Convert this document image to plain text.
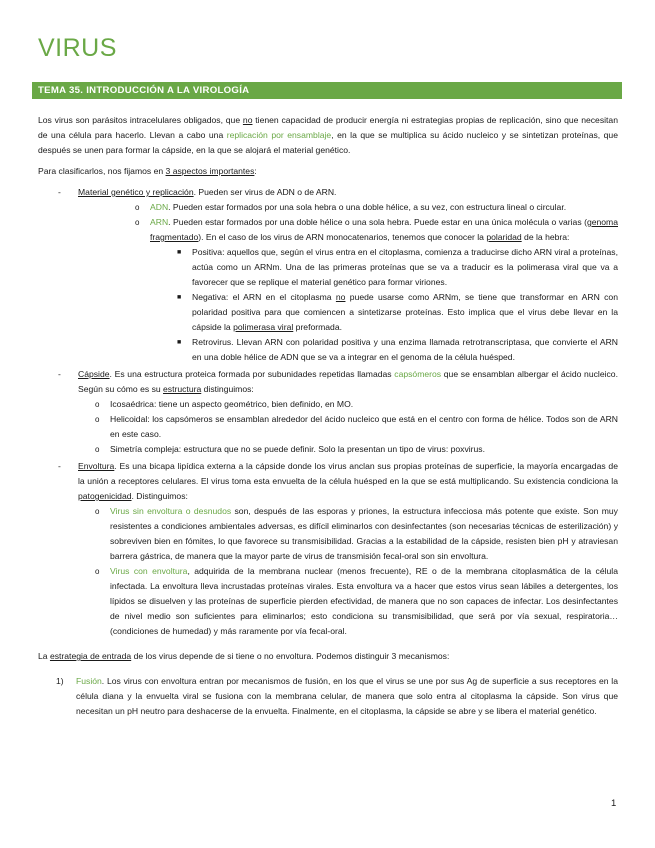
VIRUS
TEMA 35. INTRODUCCIÓN A LA VIROLOGÍA

Los virus son parásitos intracelulares obligados, que no tienen capacidad de producir energía ni estrategias propias de replicación, sino que necesitan de una célula para hacerlo. Llevan a cabo una replicación por ensamblaje, en la que se multiplica su ácido nucleico y se sintetizan proteínas, que después se unen para formar la cápside, en la que se alojará el material genético.

Para clasificarlos, nos fijamos en 3 aspectos importantes:

- Material genético y replicación. Pueden ser virus de ADN o de ARN.
o ADN. Pueden estar formados por una sola hebra o una doble hélice, a su vez, con estructura lineal o circular.
o ARN. Pueden estar formados por una doble hélice o una sola hebra. Puede estar en una única molécula o varias (genoma fragmentado). En el caso de los virus de ARN monocatenarios, tenemos que conocer la polaridad de la hebra:
■ Positiva: aquellos que, según el virus entra en el citoplasma, comienza a traducirse dicho ARN viral a proteínas, actúa como un ARNm. Una de las primeras proteínas que se va a traducir es la polimerasa viral que va a favorecer que se replique el material genético para formar viriones.
■ Negativa: el ARN en el citoplasma no puede usarse como ARNm, se tiene que transformar en ARN con polaridad positiva para que comiencen a sintetizarse proteínas. Esto implica que el virus debe llevar en la cápside la polimerasa viral preformada.
■ Retrovirus. Llevan ARN con polaridad positiva y una enzima llamada retrotranscriptasa, que convierte el ARN en una doble hélice de ADN que se va a integrar en el genoma de la célula huésped.
- Cápside. Es una estructura proteica formada por subunidades repetidas llamadas capsómeros que se ensamblan albergar el ácido nucleico. Según su cómo es su estructura distinguimos:
o Icosaédrica: tiene un aspecto geométrico, bien definido, en MO.
o Helicoidal: los capsómeros se ensamblan alrededor del ácido nucleico que está en el centro con forma de hélice. Todos son de ARN en este caso.
o Simetría compleja: estructura que no se puede definir. Solo la presentan un tipo de virus: poxvirus.
- Envoltura. Es una bicapa lipídica externa a la cápside donde los virus anclan sus propias proteínas de superficie, la mayoría encargadas de la unión a receptores celulares. El virus toma esta envuelta de la célula huésped en la que se está multiplicando. Su existencia condiciona la patogenicidad. Distinguimos:
o Virus sin envoltura o desnudos son, después de las esporas y priones, la estructura infecciosa más potente que existe. Son muy resistentes a condiciones ambientales adversas, es difícil eliminarlos con desinfectantes (son necesarias técnicas de esterilización) y sobreviven bien en fómites, lo que favorece su transmisibilidad. Gracias a la estabilidad de la cápside, resisten bien pH y atraviesan barrera gástrica, de manera que la mayor parte de virus de transmisión fecal-oral son sin envoltura.
o Virus con envoltura, adquirida de la membrana nuclear (menos frecuente), RE o de la membrana citoplasmática de la célula infectada. La envoltura lleva incrustadas proteínas virales. Esta envoltura va a hacer que estos virus sean lábiles a detergentes, los lípidos se disuelven y las proteínas de superficie pierden efectividad, de manera que no son capaces de infectar. Los desinfectantes de nivel medio son suficientes para eliminarlos; esto condiciona su transmisibilidad, que será por vía sexual, respiratoria… (condiciones de humedad) y más raramente por vía fecal-oral.

La estrategia de entrada de los virus depende de si tiene o no envoltura. Podemos distinguir 3 mecanismos:

1) Fusión. Los virus con envoltura entran por mecanismos de fusión, en los que el virus se une por sus Ag de superficie a sus receptores en la célula diana y la envuelta viral se fusiona con la membrana celular, de manera que solo entra al citoplasma la cápside. Son virus que necesitan un pH neutro para deshacerse de la envuelta. Finalmente, en el citoplasma, la cápside se abre y se libera el material genético.
1
